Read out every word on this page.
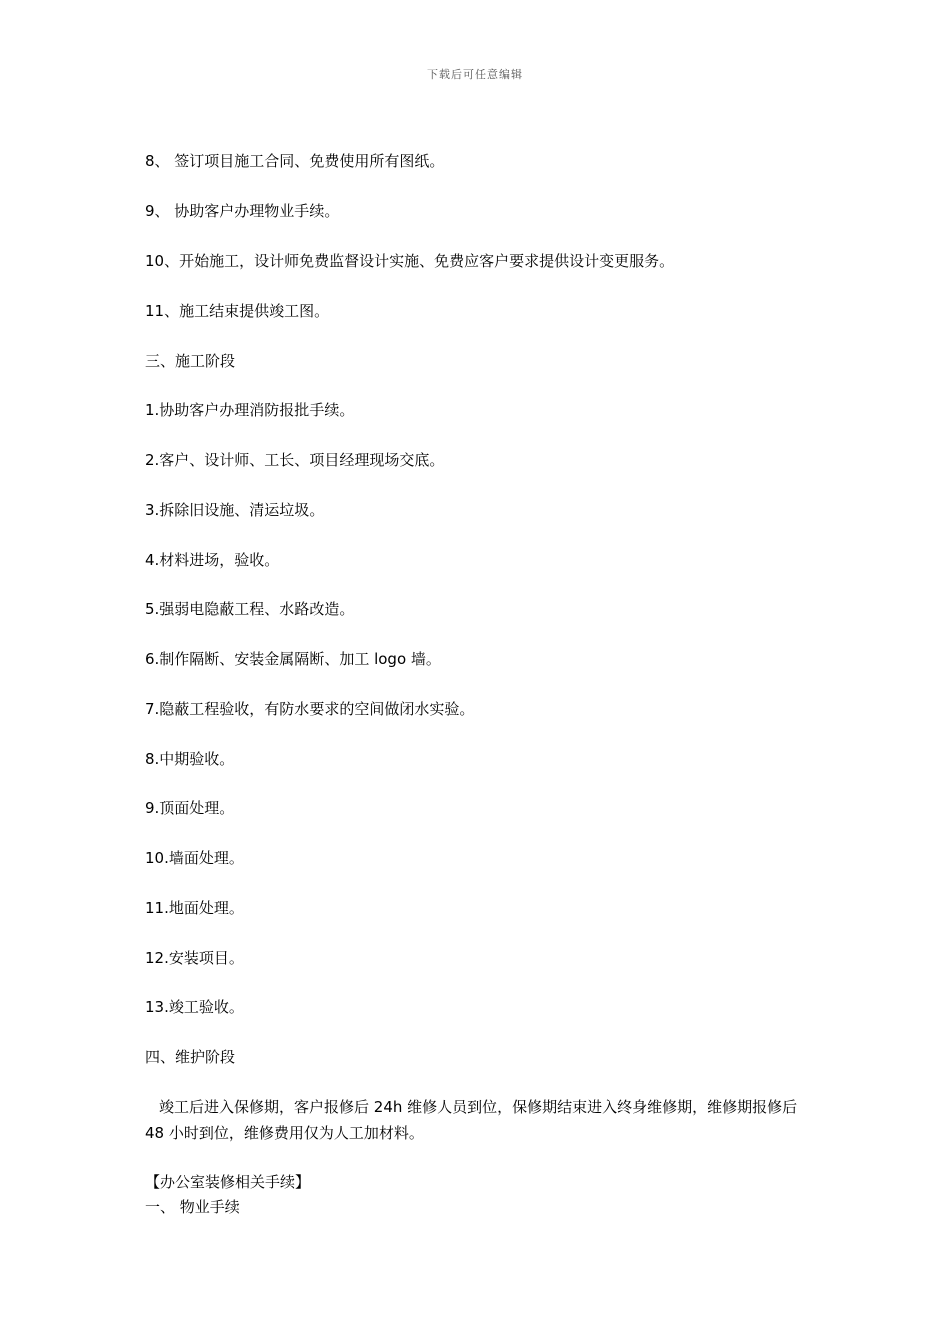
下载后可任意编辑
8、 签订项目施工合同、免费使用所有图纸。
9、 协助客户办理物业手续。
10、开始施工，设计师免费监督设计实施、免费应客户要求提供设计变更服务。
11、施工结束提供竣工图。
三、施工阶段
1.协助客户办理消防报批手续。
2.客户、设计师、工长、项目经理现场交底。
3.拆除旧设施、清运垃圾。
4.材料进场，验收。
5.强弱电隐蔽工程、水路改造。
6.制作隔断、安装金属隔断、加工 logo 墙。
7.隐蔽工程验收，有防水要求的空间做闭水实验。
8.中期验收。
9.顶面处理。
10.墙面处理。
11.地面处理。
12.安装项目。
13.竣工验收。
四、维护阶段
竣工后进入保修期，客户报修后 24h 维修人员到位，保修期结束进入终身维修期，维修期报修后 48 小时到位，维修费用仅为人工加材料。
【办公室装修相关手续】
一、 物业手续
